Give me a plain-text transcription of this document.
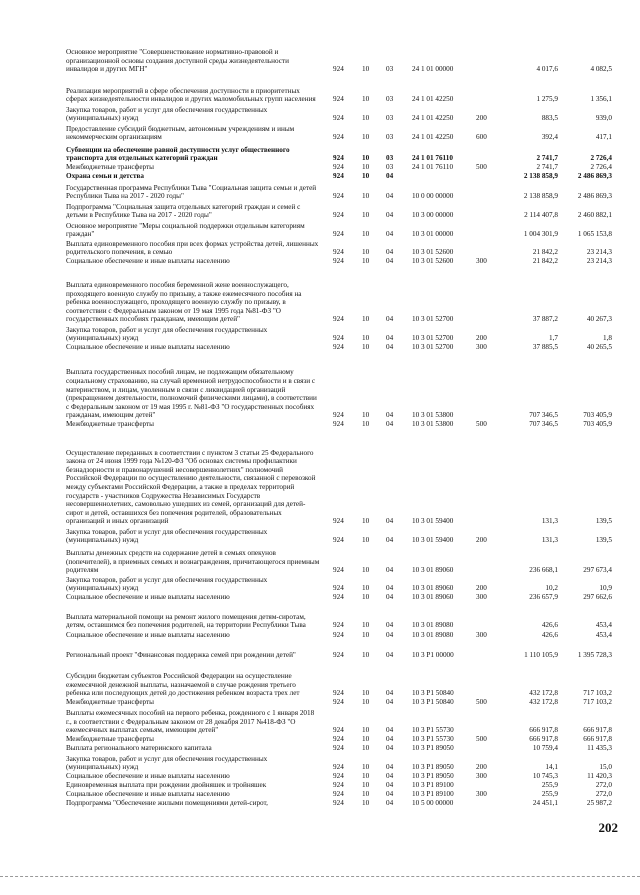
Основное мероприятие "Совершенствование нормативно-правовой и организационной основы создания доступной среды жизнедеятельности инвалидов и других МГН"	924	10 03	24 1 01 00000	4 017,6	4 082,5
Реализация мероприятий в сфере обеспечения доступности в приоритетных сферах жизнедеятельности инвалидов и других маломобильных групп населения	924	10 03	24 1 01 42250	1 275,9	1 356,1
Закупка товаров, работ и услуг для обеспечения государственных (муниципальных) нужд	924	10 03	24 1 01 42250	200	883,5	939,0
Предоставление субсидий бюджетным, автономным учреждениям и иным некоммерческим организациям	924	10 03	24 1 01 42250	600	392,4	417,1
Субвенции на обеспечение равной доступности услуг общественного транспорта для отдельных категорий граждан	924	10 03	24 1 01 76110	2 741,7	2 726,4
Межбюджетные трансферты	924	10 03	24 1 01 76110	500	2 741,7	2 726,4
Охрана семьи и детства	924	10 04	2 138 858,9	2 486 869,3
Государственная программа Республики Тыва "Социальная защита семьи и детей Республики Тыва на 2017 - 2020 годы"	924	10 04	10 0 00 00000	2 138 858,9	2 486 869,3
Подпрограмма "Социальная защита отдельных категорий граждан и семей с детьми в Республике Тыва на 2017 - 2020 годы"	924	10 04	10 3 00 00000	2 114 407,8	2 460 882,1
Основное мероприятие "Меры социальной поддержки отдельным категориям граждан"	924	10 04	10 3 01 00000	1 004 301,9	1 065 153,8
Выплата единовременного пособия при всех формах устройства детей, лишенных родительского попечения, в семью	924	10 04	10 3 01 52600	21 842,2	23 214,3
Социальное обеспечение и иные выплаты населению	924	10 04	10 3 01 52600	300	21 842,2	23 214,3
Выплата единовременного пособия беременной жене военнослужащего, проходящего военную службу по призыву, а также ежемесячного пособия на ребенка военнослужащего, проходящего военную службу по призыву, в соответствии с Федеральным законом от 19 мая 1995 года №81-ФЗ "О государственных пособиях гражданам, имеющим детей"	924	10 04	10 3 01 52700	37 887,2	40 267,3
Закупка товаров, работ и услуг для обеспечения государственных (муниципальных) нужд	924	10 04	10 3 01 52700	200	1,7	1,8
Социальное обеспечение и иные выплаты населению	924	10 04	10 3 01 52700	300	37 885,5	40 265,5
Выплата государственных пособий лицам, не подлежащим обязательному социальному страхованию, на случай временной нетрудоспособности и в связи с материнством, и лицам, уволенным в связи с ликвидацией организаций (прекращением деятельности, полномочий физическими лицами), в соответствии с Федеральным законом от 19 мая 1995 г. №81-ФЗ "О государственных пособиях гражданам, имеющим детей"	924	10 04	10 3 01 53800	707 346,5	703 405,9
Межбюджетные трансферты	924	10 04	10 3 01 53800	500	707 346,5	703 405,9
Осуществление переданных в соответствии с пунктом 3 статьи 25 Федерального закона от 24 июня 1999 года №120-ФЗ "Об основах системы профилактики безнадзорности и правонарушений несовершеннолетних" полномочий Российской Федерации по осуществлению деятельности, связанной с перевозкой между субъектами Российской Федерации, а также в пределах территорий государств - участников Содружества Независимых Государств несовершеннолетних, самовольно ушедших из семей, организаций для детей-сирот и детей, оставшихся без попечения родителей, образовательных организаций и иных организаций	924	10 04	10 3 01 59400	131,3	139,5
Закупка товаров, работ и услуг для обеспечения государственных (муниципальных) нужд	924	10 04	10 3 01 59400	200	131,3	139,5
Выплаты денежных средств на содержание детей в семьях опекунов (попечителей), в приемных семьях и вознаграждения, причитающегося приемным родителям	924	10 04	10 3 01 89060	236 668,1	297 673,4
Закупка товаров, работ и услуг для обеспечения государственных (муниципальных) нужд	924	10 04	10 3 01 89060	200	10,2	10,9
Социальное обеспечение и иные выплаты населению	924	10 04	10 3 01 89060	300	236 657,9	297 662,6
Выплата материальной помощи на ремонт жилого помещения детям-сиротам, детям, оставшимся без попечения родителей, на территории Республики Тыва	924	10 04	10 3 01 89080	426,6	453,4
Социальное обеспечение и иные выплаты населению	924	10 04	10 3 01 89080	300	426,6	453,4
Региональный проект "Финансовая поддержка семей при рождении детей"	924	10 04	10 3 P1 00000	1 110 105,9	1 395 728,3
Субсидии бюджетам субъектов Российской Федерации на осуществление ежемесячной денежной выплаты, назначаемой в случае рождения третьего ребенка или последующих детей до достижения ребенком возраста трех лет	924	10 04	10 3 P1 50840	432 172,8	717 103,2
Межбюджетные трансферты	924	10 04	10 3 P1 50840	500	432 172,8	717 103,2
Выплаты ежемесячных пособий на первого ребенка, рожденного с 1 января 2018 г., в соответствии с Федеральным законом от 28 декабря 2017 №418-ФЗ "О ежемесячных выплатах семьям, имеющим детей"	924	10 04	10 3 P1 55730	666 917,8	666 917,8
Межбюджетные трансферты	924	10 04	10 3 P1 55730	500	666 917,8	666 917,8
Выплата регионального материнского капитала	924	10 04	10 3 P1 89050	10 759,4	11 435,3
Закупка товаров, работ и услуг для обеспечения государственных (муниципальных) нужд	924	10 04	10 3 P1 89050	200	14,1	15,0
Социальное обеспечение и иные выплаты населению	924	10 04	10 3 P1 89050	300	10 745,3	11 420,3
Единовременная выплата при рождении двойняшек и тройняшек	924	10 04	10 3 P1 89100	255,9	272,0
Социальное обеспечение и иные выплаты населению	924	10 04	10 3 P1 89100	300	255,9	272,0
Подпрограмма "Обеспечение жилыми помещениями детей-сирот,	924	10 04	10 5 00 00000	24 451,1	25 987,2
202
